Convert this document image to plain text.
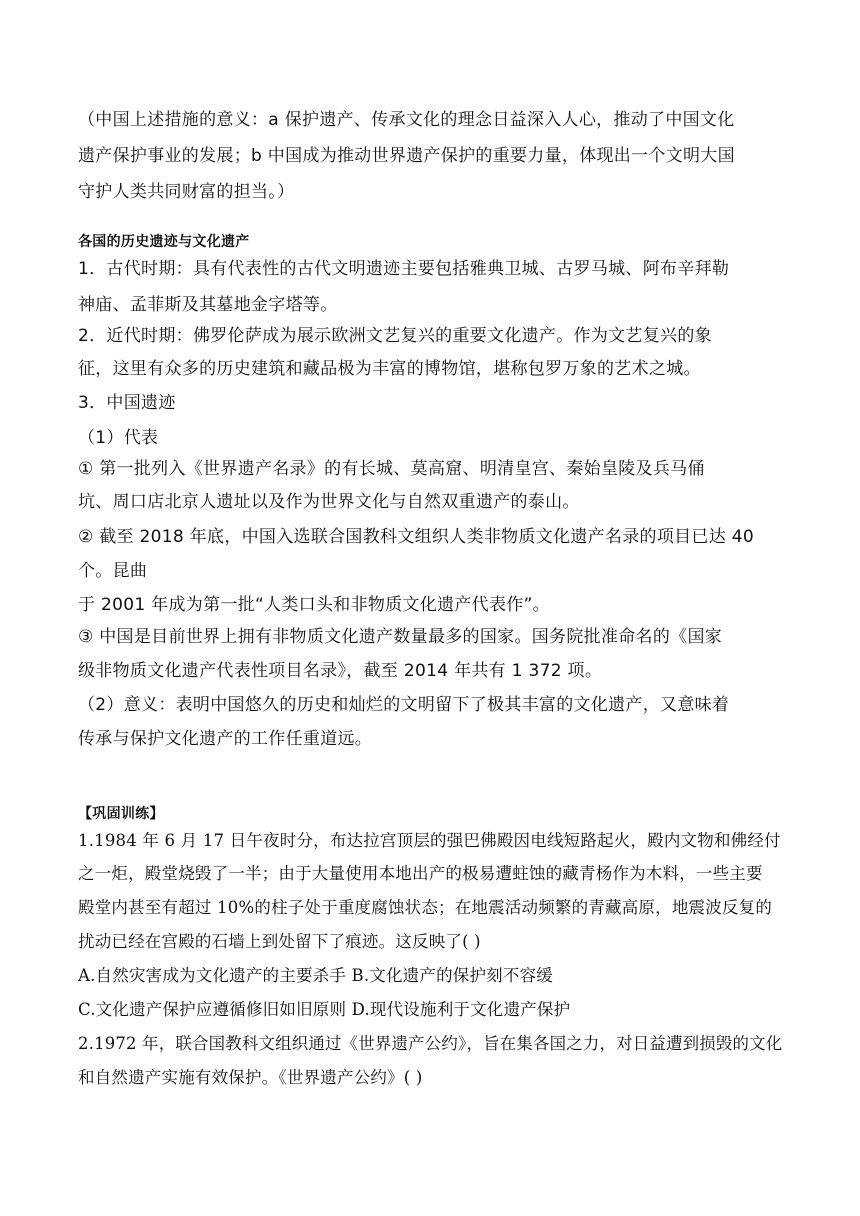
（中国上述措施的意义：a 保护遗产、传承文化的理念日益深入人心，推动了中国文化
遗产保护事业的发展；b 中国成为推动世界遗产保护的重要力量，体现出一个文明大国
守护人类共同财富的担当。）
各国的历史遗迹与文化遗产
1．古代时期：具有代表性的古代文明遗迹主要包括雅典卫城、古罗马城、阿布辛拜勒
神庙、孟菲斯及其墓地金字塔等。
2．近代时期：佛罗伦萨成为展示欧洲文艺复兴的重要文化遗产。作为文艺复兴的象
征，这里有众多的历史建筑和藏品极为丰富的博物馆，堪称包罗万象的艺术之城。
3．中国遗迹
（1）代表
① 第一批列入《世界遗产名录》的有长城、莫高窟、明清皇宫、秦始皇陵及兵马俑
坑、周口店北京人遗址以及作为世界文化与自然双重遗产的泰山。
② 截至 2018 年底，中国入选联合国教科文组织人类非物质文化遗产名录的项目已达 40
个。昆曲
于 2001 年成为第一批“人类口头和非物质文化遗产代表作”。
③ 中国是目前世界上拥有非物质文化遗产数量最多的国家。国务院批准命名的《国家
级非物质文化遗产代表性项目名录》，截至 2014 年共有 1 372 项。
（2）意义：表明中国悠久的历史和灿烂的文明留下了极其丰富的文化遗产，又意味着
传承与保护文化遗产的工作任重道远。
【巩固训练】
1.1984 年 6 月 17 日午夜时分，布达拉宫顶层的强巴佛殿因电线短路起火，殿内文物和佛经付
之一炬，殿堂烧毁了一半；由于大量使用本地出产的极易遭蛀蚀的藏青杨作为木料，一些主要
殿堂内甚至有超过 10%的柱子处于重度腐蚀状态；在地震活动频繁的青藏高原，地震波反复的
扰动已经在宫殿的石墙上到处留下了痕迹。这反映了( )
A.自然灾害成为文化遗产的主要杀手 B.文化遗产的保护刻不容缓
C.文化遗产保护应遵循修旧如旧原则 D.现代设施利于文化遗产保护
2.1972 年，联合国教科文组织通过《世界遗产公约》，旨在集各国之力，对日益遭到损毁的文化
和自然遗产实施有效保护。《世界遗产公约》( )
